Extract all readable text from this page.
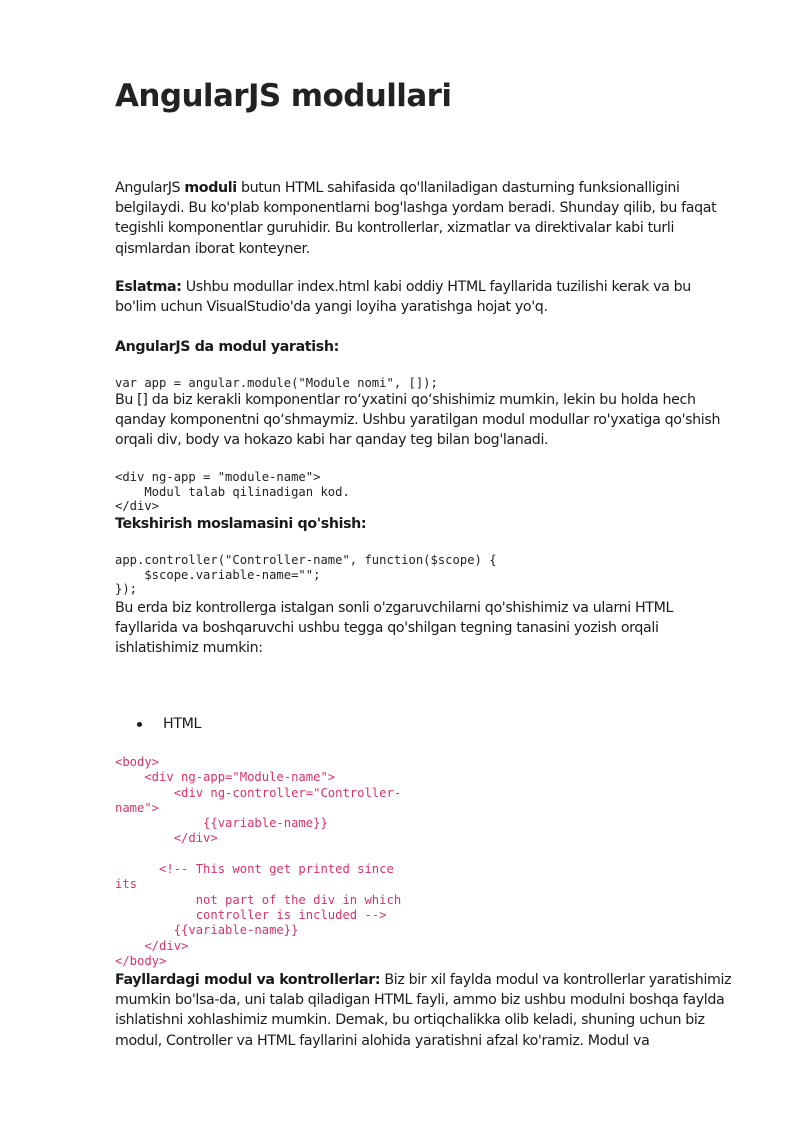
AngularJS modullari

AngularJS moduli butun HTML sahifasida qo'llaniladigan dasturning funksionalligini
belgilaydi. Bu ko'plab komponentlarni bog'lashga yordam beradi. Shunday qilib, bu faqat
tegishli komponentlar guruhidir. Bu kontrollerlar, xizmatlar va direktivalar kabi turli
qismlardan iborat konteyner.

Eslatma: Ushbu modullar index.html kabi oddiy HTML fayllarida tuzilishi kerak va bu
bo'lim uchun VisualStudio'da yangi loyiha yaratishga hojat yo'q.

AngularJS da modul yaratish:
var app = angular.module("Module nomi", []);

Bu [] da biz kerakli komponentlar ro‘yxatini qo‘shishimiz mumkin, lekin bu holda hech
qanday komponentni qo‘shmaymiz. Ushbu yaratilgan modul modullar ro'yxatiga qo'shish
orqali div, body va hokazo kabi har qanday teg bilan bog'lanadi.

<div ng-app = "module-name">
Modul talab qilinadigan kod.
</div>
Tekshirish moslamasini qo'shish:
app.controller("Controller-name", function($scope) {
$scope.variable-name="";
});

Bu erda biz kontrollerga istalgan sonli o'zgaruvchilarni qo'shishimiz va ularni HTML
fayllarida va boshqaruvchi ushbu tegga qo'shilgan tegning tanasini yozish orqali
ishlatishimiz mumkin:

HTML
<body>
<div ng-app="Module-name">
<div ng-controller="Controller-
name">
{{variable-name}}
</div>

<!-- This wont get printed since
its
not part of the div in which
controller is included -->
{{variable-name}}
</div>
</body>

Fayllardagi modul va kontrollerlar: Biz bir xil faylda modul va kontrollerlar yaratishimiz
mumkin bo'lsa-da, uni talab qiladigan HTML fayli, ammo biz ushbu modulni boshqa faylda
ishlatishni xohlashimiz mumkin. Demak, bu ortiqchalikka olib keladi, shuning uchun biz
modul, Controller va HTML fayllarini alohida yaratishni afzal ko'ramiz. Modul va
